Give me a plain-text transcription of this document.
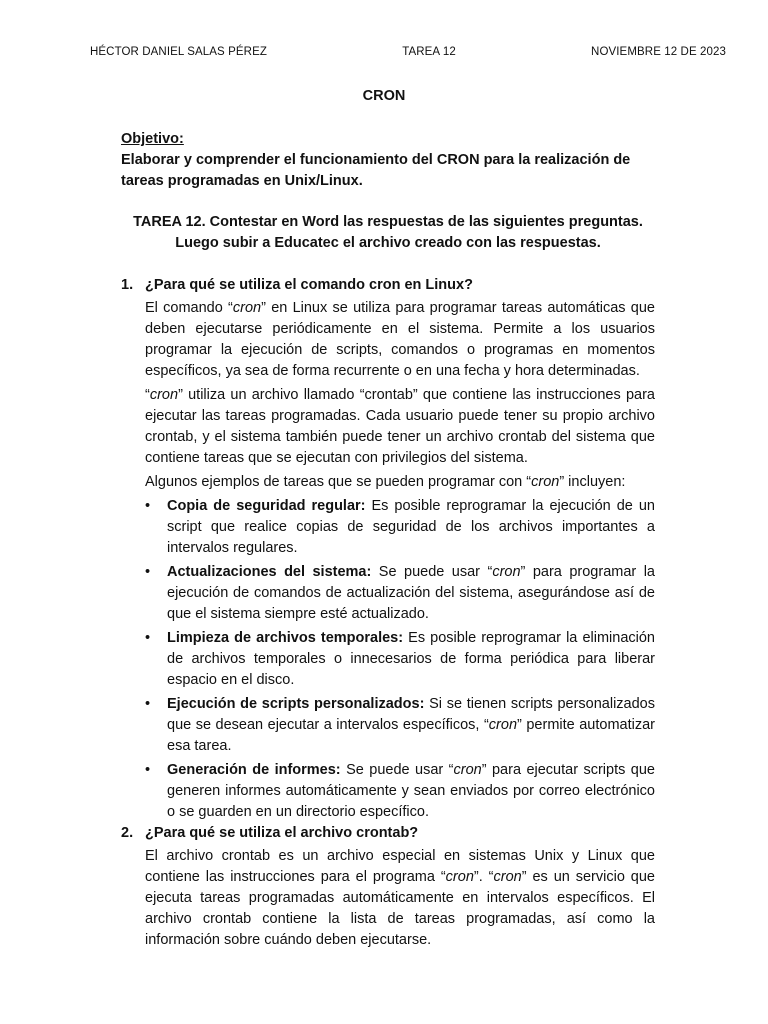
HÉCTOR DANIEL SALAS PÉREZ	TAREA 12	NOVIEMBRE 12 DE 2023
CRON
Objetivo:
Elaborar y comprender el funcionamiento del CRON para la realización de tareas programadas en Unix/Linux.
TAREA 12. Contestar en Word las respuestas de las siguientes preguntas.
Luego subir a Educatec el archivo creado con las respuestas.
1. ¿Para qué se utiliza el comando cron en Linux?

El comando “cron” en Linux se utiliza para programar tareas automáticas que deben ejecutarse periódicamente en el sistema. Permite a los usuarios programar la ejecución de scripts, comandos o programas en momentos específicos, ya sea de forma recurrente o en una fecha y hora determinadas.

“cron” utiliza un archivo llamado “crontab” que contiene las instrucciones para ejecutar las tareas programadas. Cada usuario puede tener su propio archivo crontab, y el sistema también puede tener un archivo crontab del sistema que contiene tareas que se ejecutan con privilegios del sistema.

Algunos ejemplos de tareas que se pueden programar con “cron” incluyen:

• Copia de seguridad regular: Es posible reprogramar la ejecución de un script que realice copias de seguridad de los archivos importantes a intervalos regulares.
• Actualizaciones del sistema: Se puede usar “cron” para programar la ejecución de comandos de actualización del sistema, asegurándose así de que el sistema siempre esté actualizado.
• Limpieza de archivos temporales: Es posible reprogramar la eliminación de archivos temporales o innecesarios de forma periódica para liberar espacio en el disco.
• Ejecución de scripts personalizados: Si se tienen scripts personalizados que se desean ejecutar a intervalos específicos, “cron” permite automatizar esa tarea.
• Generación de informes: Se puede usar “cron” para ejecutar scripts que generen informes automáticamente y sean enviados por correo electrónico o se guarden en un directorio específico.
2. ¿Para qué se utiliza el archivo crontab?

El archivo crontab es un archivo especial en sistemas Unix y Linux que contiene las instrucciones para el programa “cron”. “cron” es un servicio que ejecuta tareas programadas automáticamente en intervalos específicos. El archivo crontab contiene la lista de tareas programadas, así como la información sobre cuándo deben ejecutarse.
